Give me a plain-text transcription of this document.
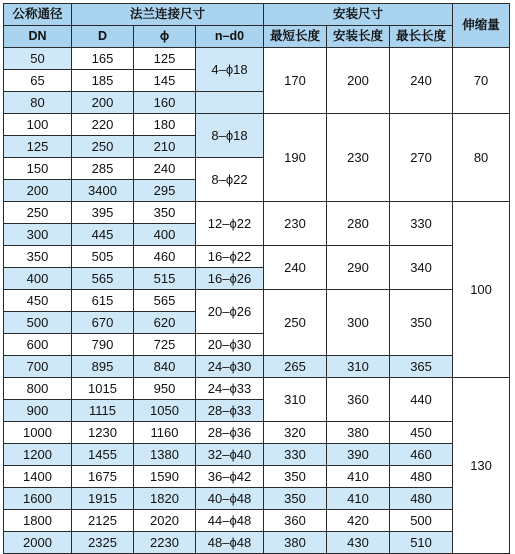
公称通径	法兰连接尺寸			安装尺寸			伸缩量
DN	D	ϕ	n–d0	最短长度	安装长度	最长长度	
50	165	125	4–ϕ18	170	200	240	70
65	185	145					
80	200	160					
100	220	180	8–ϕ18	190	230	270	80
125	250	210					
150	285	240	8–ϕ22				
200	3400	295					
250	395	350	12–ϕ22	230	280	330	100
300	445	400					
350	505	460	16–ϕ22	240	290	340	
400	565	515	16–ϕ26				
450	615	565	20–ϕ26	250	300	350	
500	670	620					
600	790	725	20–ϕ30				
700	895	840	24–ϕ30	265	310	365	
800	1015	950	24–ϕ33	310	360	440	130
900	1115	1050	28–ϕ33				
1000	1230	1160	28–ϕ36	320	380	450	
1200	1455	1380	32–ϕ40	330	390	460	
1400	1675	1590	36–ϕ42	350	410	480	
1600	1915	1820	40–ϕ48	350	410	480	
1800	2125	2020	44–ϕ48	360	420	500	
2000	2325	2230	48–ϕ48	380	430	510	
